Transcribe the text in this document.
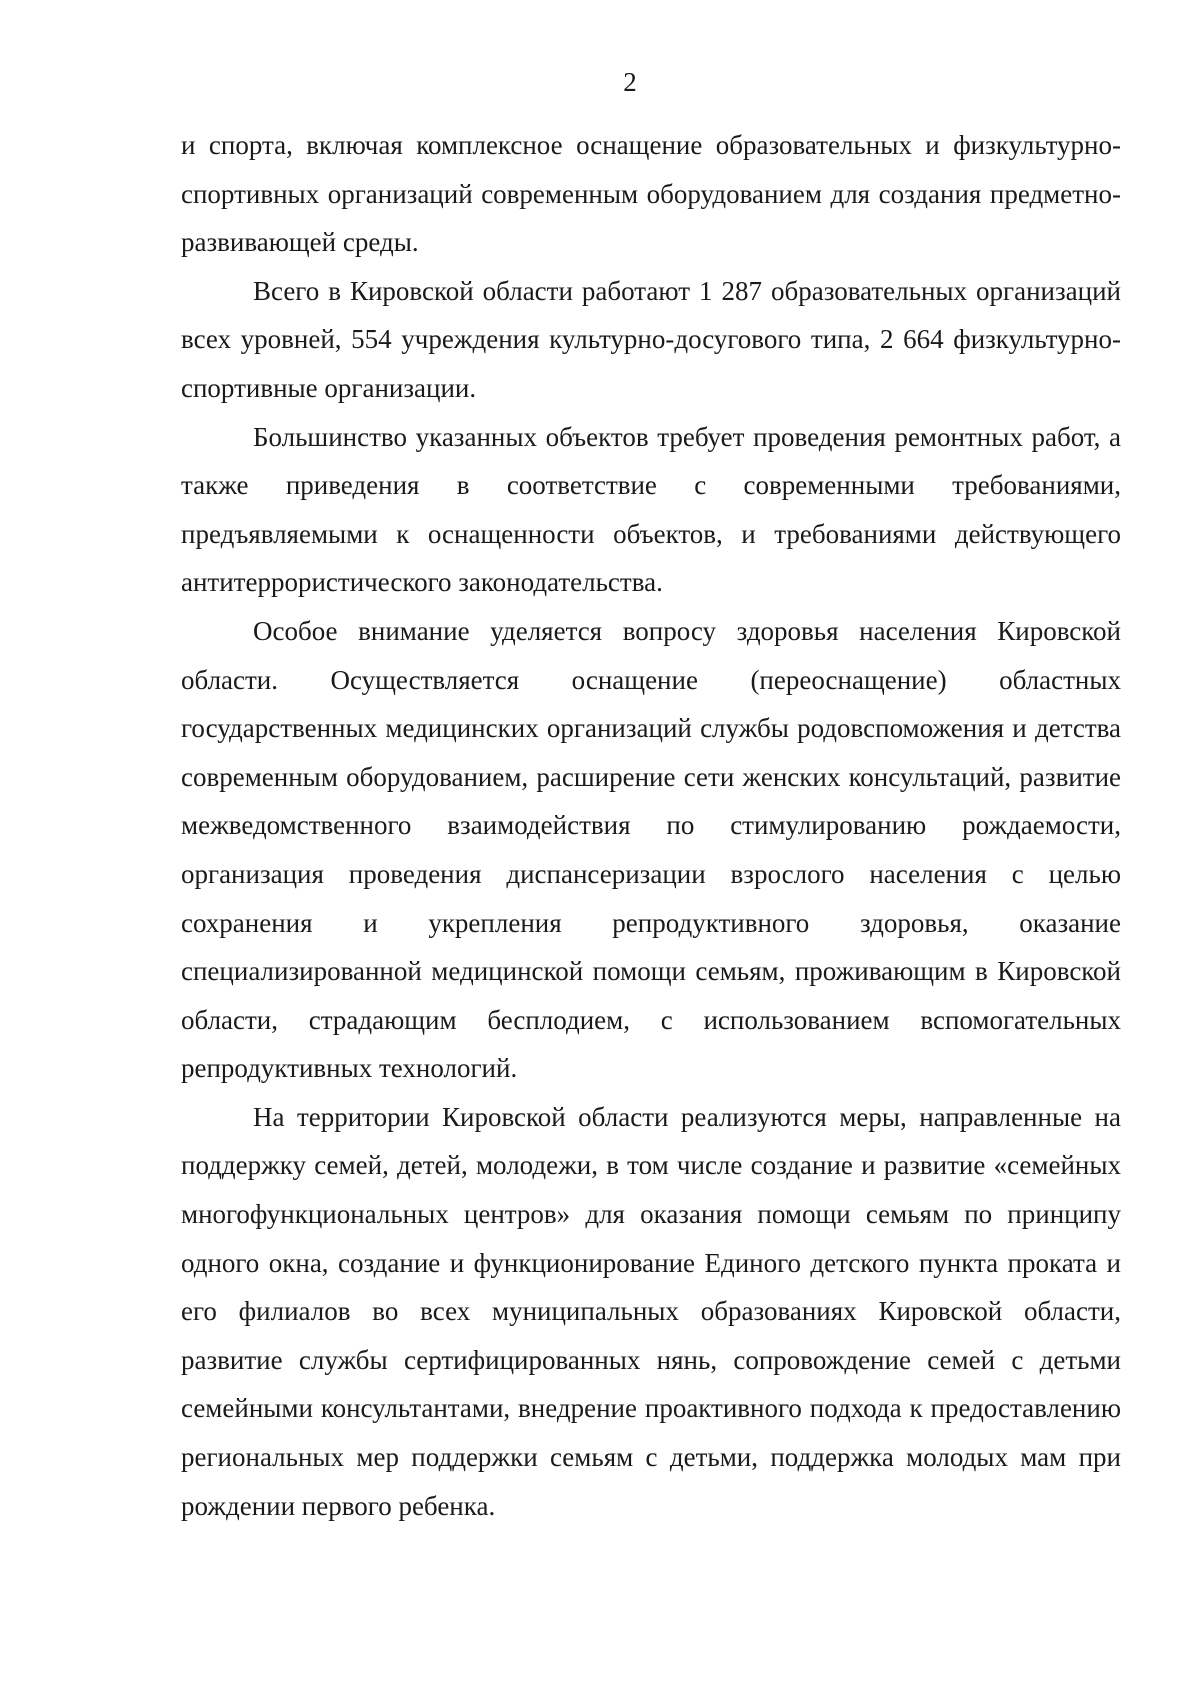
2

и спорта, включая комплексное оснащение образовательных и физкультурно-спортивных организаций современным оборудованием для создания предметно-развивающей среды.

Всего в Кировской области работают 1 287 образовательных организаций всех уровней, 554 учреждения культурно-досугового типа, 2 664 физкультурно-спортивные организации.

Большинство указанных объектов требует проведения ремонтных работ, а также приведения в соответствие с современными требованиями, предъявляемыми к оснащенности объектов, и требованиями действующего антитеррористического законодательства.

Особое внимание уделяется вопросу здоровья населения Кировской области. Осуществляется оснащение (переоснащение) областных государственных медицинских организаций службы родовспоможения и детства современным оборудованием, расширение сети женских консультаций, развитие межведомственного взаимодействия по стимулированию рождаемости, организация проведения диспансеризации взрослого населения с целью сохранения и укрепления репродуктивного здоровья, оказание специализированной медицинской помощи семьям, проживающим в Кировской области, страдающим бесплодием, с использованием вспомогательных репродуктивных технологий.

На территории Кировской области реализуются меры, направленные на поддержку семей, детей, молодежи, в том числе создание и развитие «семейных многофункциональных центров» для оказания помощи семьям по принципу одного окна, создание и функционирование Единого детского пункта проката и его филиалов во всех муниципальных образованиях Кировской области, развитие службы сертифицированных нянь, сопровождение семей с детьми семейными консультантами, внедрение проактивного подхода к предоставлению региональных мер поддержки семьям с детьми, поддержка молодых мам при рождении первого ребенка.
